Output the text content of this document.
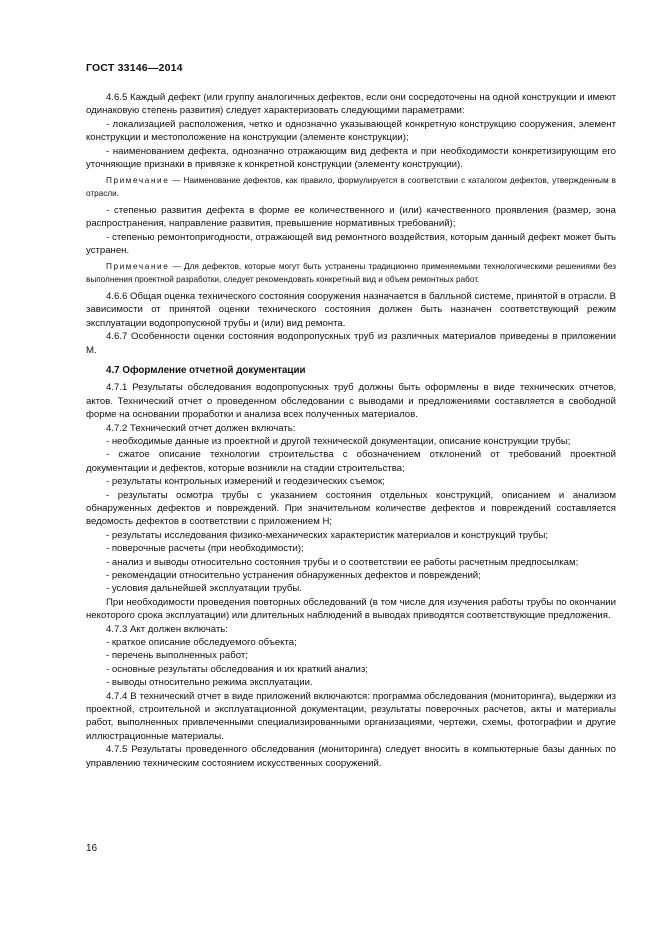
ГОСТ 33146—2014

4.6.5 Каждый дефект (или группу аналогичных дефектов, если они сосредоточены на одной конструкции и имеют одинаковую степень развития) следует характеризовать следующими параметрами:

- локализацией расположения, четко и однозначно указывающей конкретную конструкцию сооружения, элемент конструкции и местоположение на конструкции (элементе конструкции);

- наименованием дефекта, однозначно отражающим вид дефекта и при необходимости конкретизирующим его уточняющие признаки в привязке к конкретной конструкции (элементу конструкции).

Примечание — Наименование дефектов, как правило, формулируется в соответствии с каталогом дефектов, утвержденным в отрасли.

- степенью развития дефекта в форме ее количественного и (или) качественного проявления (размер, зона распространения, направление развития, превышение нормативных требований);

- степенью ремонтопригодности, отражающей вид ремонтного воздействия, которым данный дефект может быть устранен.

Примечание — Для дефектов, которые могут быть устранены традиционно применяемыми технологическими решениями без выполнения проектной разработки, следует рекомендовать конкретный вид и объем ремонтных работ.

4.6.6 Общая оценка технического состояния сооружения назначается в балльной системе, принятой в отрасли. В зависимости от принятой оценки технического состояния должен быть назначен соответствующий режим эксплуатации водопропускной трубы и (или) вид ремонта.

4.6.7 Особенности оценки состояния водопропускных труб из различных материалов приведены в приложении М.

4.7 Оформление отчетной документации

4.7.1 Результаты обследования водопропускных труб должны быть оформлены в виде технических отчетов, актов. Технический отчет о проведенном обследовании с выводами и предложениями составляется в свободной форме на основании проработки и анализа всех полученных материалов.

4.7.2 Технический отчет должен включать:

- необходимые данные из проектной и другой технической документации, описание конструкции трубы;

- сжатое описание технологии строительства с обозначением отклонений от требований проектной документации и дефектов, которые возникли на стадии строительства;

- результаты контрольных измерений и геодезических съемок;

- результаты осмотра трубы с указанием состояния отдельных конструкций, описанием и анализом обнаруженных дефектов и повреждений. При значительном количестве дефектов и повреждений составляется ведомость дефектов в соответствии с приложением Н;

- результаты исследования физико-механических характеристик материалов и конструкций трубы;

- поверочные расчеты (при необходимости);

- анализ и выводы относительно состояния трубы и о соответствии ее работы расчетным предпосылкам;

- рекомендации относительно устранения обнаруженных дефектов и повреждений;

- условия дальнейшей эксплуатации трубы.

При необходимости проведения повторных обследований (в том числе для изучения работы трубы по окончании некоторого срока эксплуатации) или длительных наблюдений в выводах приводятся соответствующие предложения.

4.7.3 Акт должен включать:

- краткое описание обследуемого объекта;

- перечень выполненных работ;

- основные результаты обследования и их краткий анализ;

- выводы относительно режима эксплуатации.

4.7.4 В технический отчет в виде приложений включаются: программа обследования (мониторинга), выдержки из проектной, строительной и эксплуатационной документации, результаты поверочных расчетов, акты и материалы работ, выполненных привлеченными специализированными организациями, чертежи, схемы, фотографии и другие иллюстрационные материалы.

4.7.5 Результаты проведенного обследования (мониторинга) следует вносить в компьютерные базы данных по управлению техническим состоянием искусственных сооружений.

16
